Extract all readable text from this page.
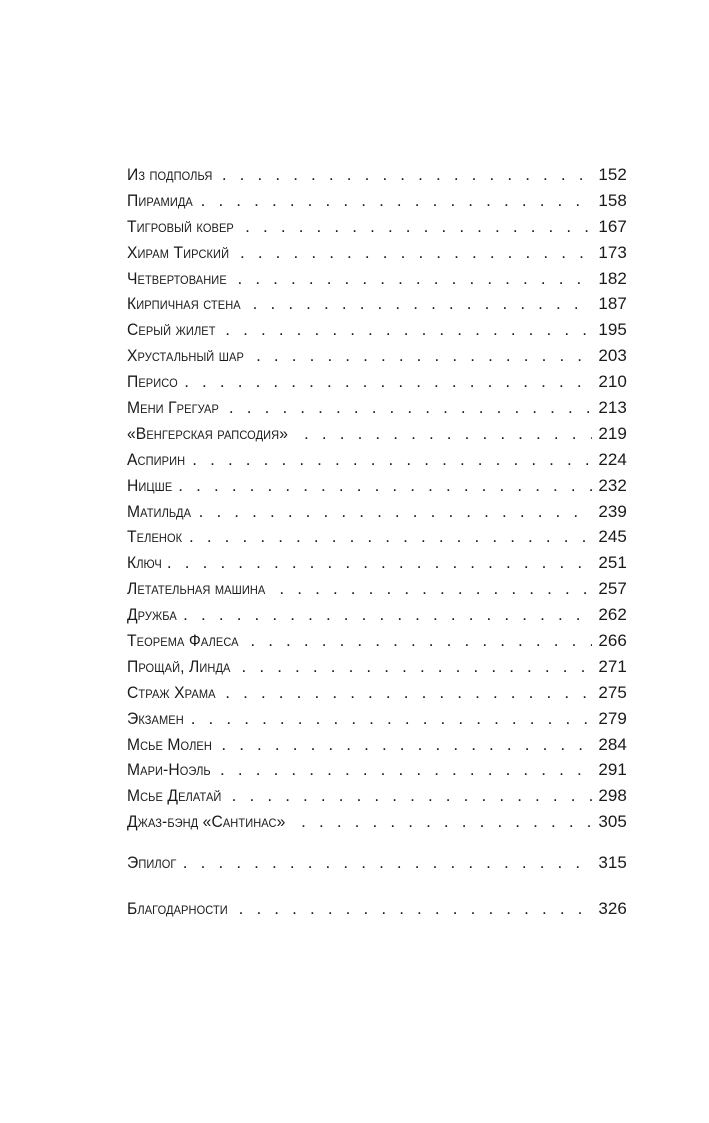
Из подполья . . .	152
Пирамида . . .	158
Тигровый ковер . . .	167
Хирам Тирский . . .	173
Четвертование . . .	182
Кирпичная стена . . .	187
Серый жилет . . .	195
Хрустальный шар . . .	203
Перисо . . .	210
Мени Грегуар . . .	213
«Венгерская рапсодия» . . .	219
Аспирин . . .	224
Ницше . . .	232
Матильда . . .	239
Теленок . . .	245
Ключ . . .	251
Летательная машина . . .	257
Дружба . . .	262
Теорема Фалеса . . .	266
Прощай, Линда . . .	271
Страж Храма . . .	275
Экзамен . . .	279
Мсье Молен . . .	284
Мари-Ноэль . . .	291
Мсье Делатай . . .	298
Джаз-бэнд «Сантинас» . . .	305
Эпилог . . .	315
Благодарности . . .	326
